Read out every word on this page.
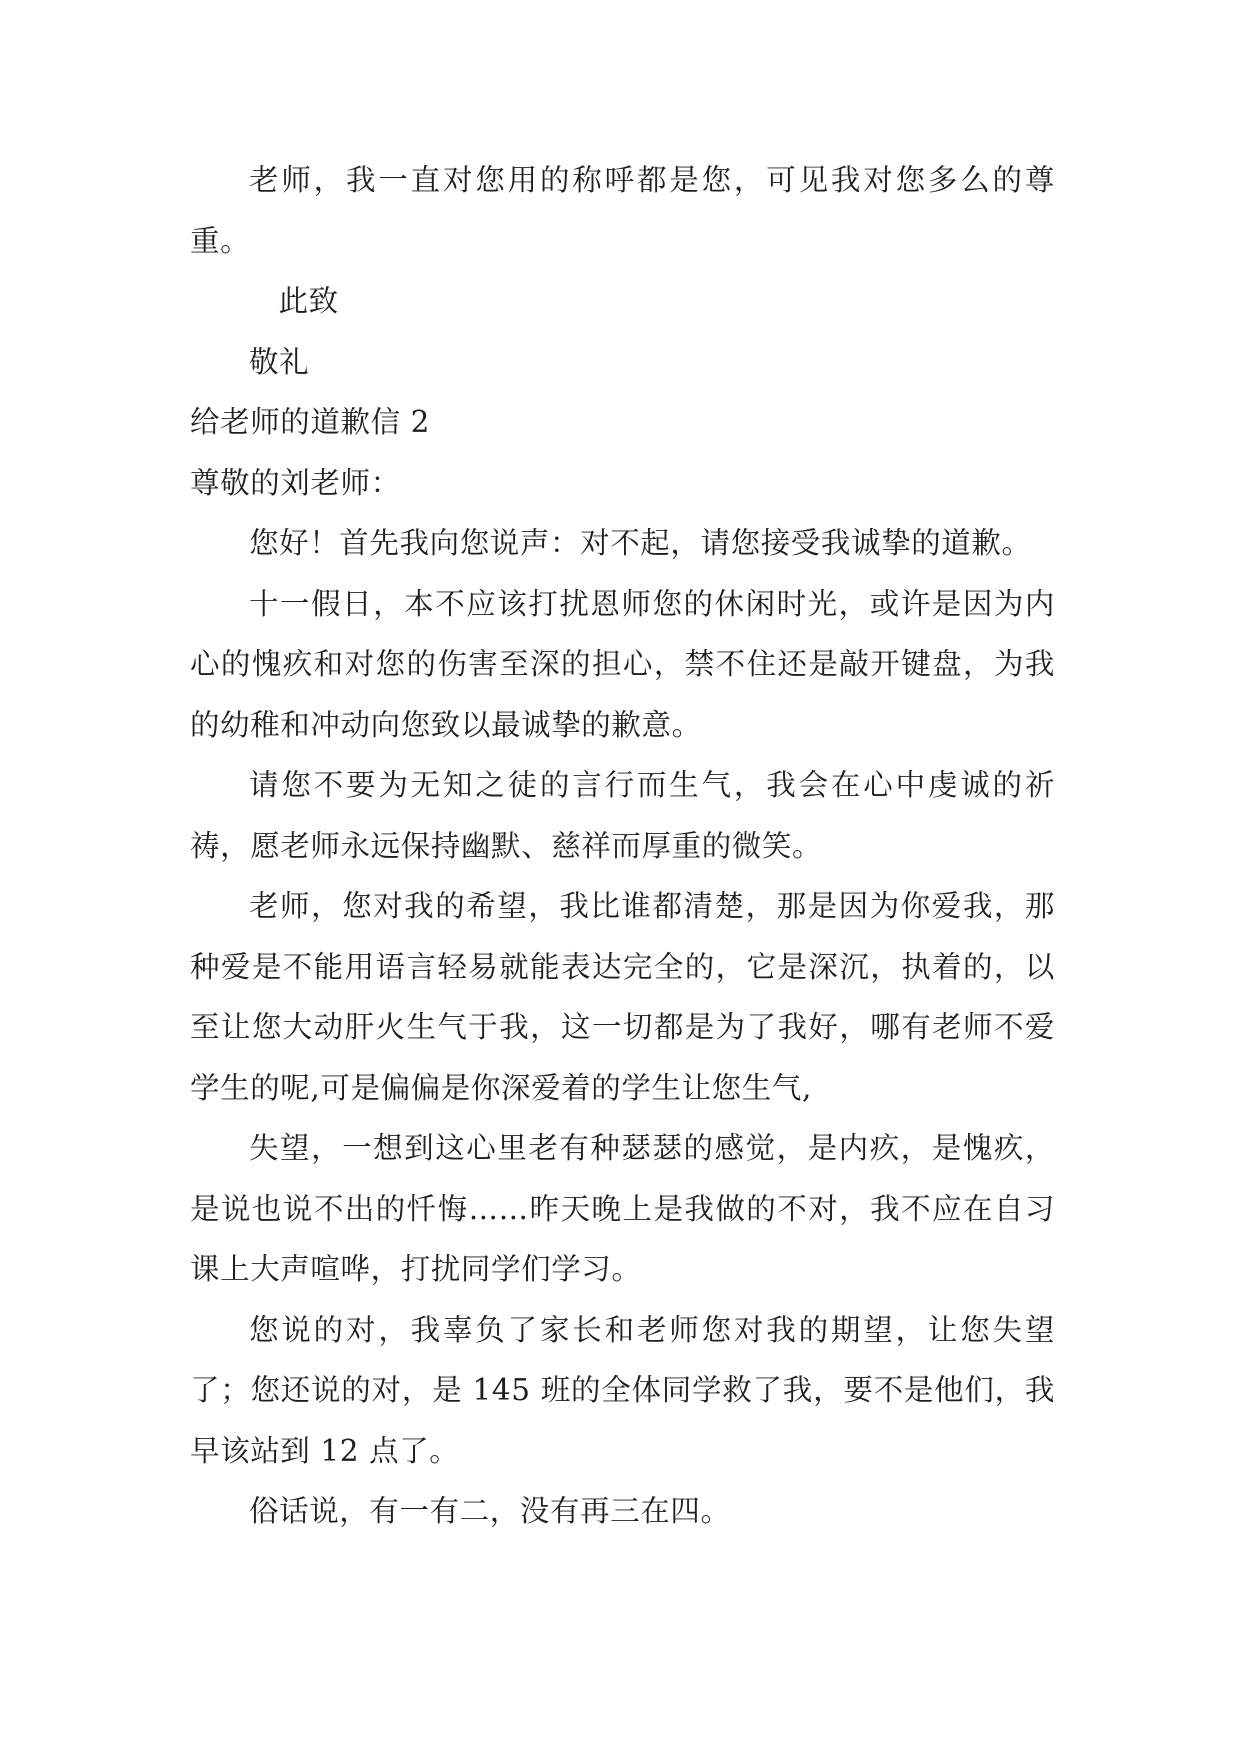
老师，我一直对您用的称呼都是您，可见我对您多么的尊重。

此致

敬礼

给老师的道歉信 2

尊敬的刘老师：

您好！首先我向您说声：对不起，请您接受我诚挚的道歉。

十一假日，本不应该打扰恩师您的休闲时光，或许是因为内心的愧疚和对您的伤害至深的担心，禁不住还是敲开键盘，为我的幼稚和冲动向您致以最诚挚的歉意。

请您不要为无知之徒的言行而生气，我会在心中虔诚的祈祷，愿老师永远保持幽默、慈祥而厚重的微笑。

老师，您对我的希望，我比谁都清楚，那是因为你爱我，那种爱是不能用语言轻易就能表达完全的，它是深沉，执着的，以至让您大动肝火生气于我，这一切都是为了我好，哪有老师不爱学生的呢,可是偏偏是你深爱着的学生让您生气,

失望，一想到这心里老有种瑟瑟的感觉，是内疚，是愧疚，是说也说不出的忏悔……昨天晚上是我做的不对，我不应在自习课上大声喧哗，打扰同学们学习。

您说的对，我辜负了家长和老师您对我的期望，让您失望了；您还说的对，是 145 班的全体同学救了我，要不是他们，我早该站到 12 点了。

俗话说，有一有二，没有再三在四。
